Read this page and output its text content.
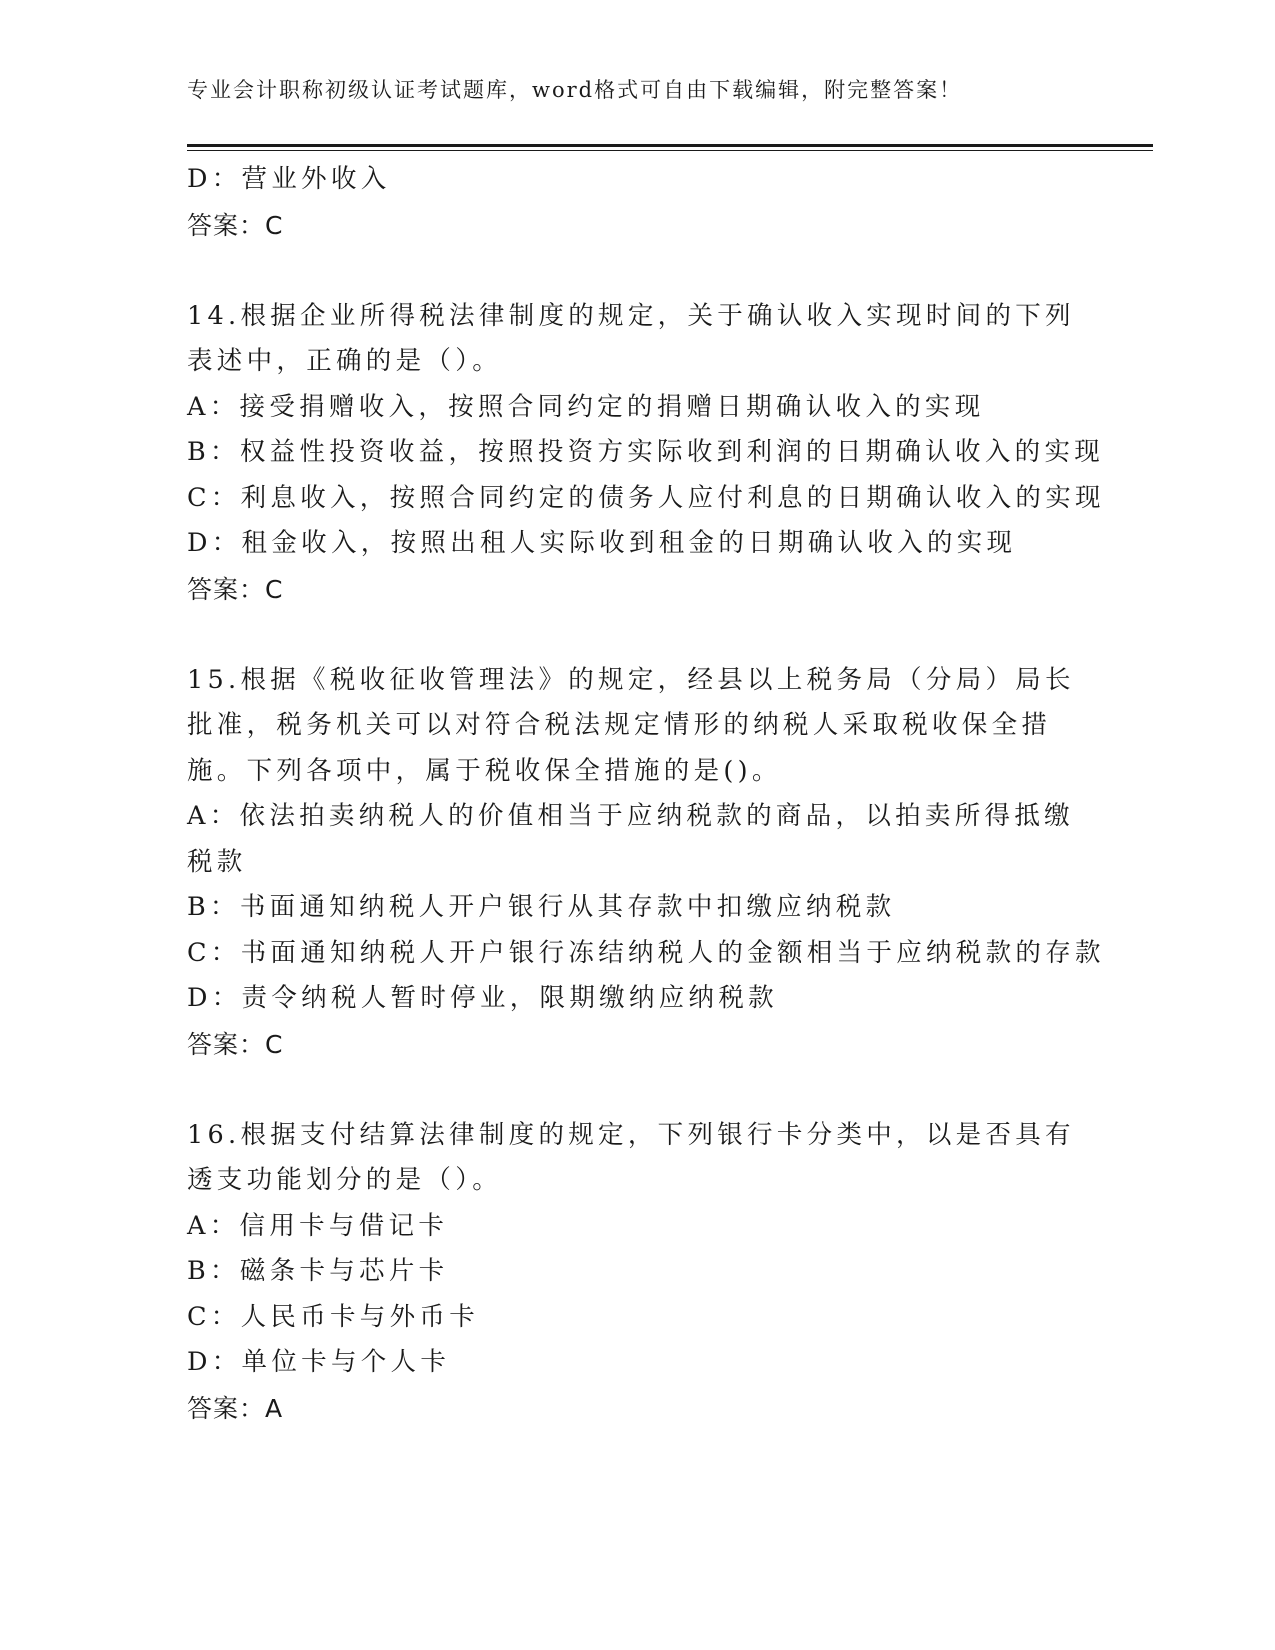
专业会计职称初级认证考试题库，word格式可自由下载编辑，附完整答案！
D：营业外收入
答案：C
14.根据企业所得税法律制度的规定，关于确认收入实现时间的下列表述中，正确的是（）。
A：接受捐赠收入，按照合同约定的捐赠日期确认收入的实现
B：权益性投资收益，按照投资方实际收到利润的日期确认收入的实现
C：利息收入，按照合同约定的债务人应付利息的日期确认收入的实现
D：租金收入，按照出租人实际收到租金的日期确认收入的实现
答案：C
15.根据《税收征收管理法》的规定，经县以上税务局（分局）局长批准，税务机关可以对符合税法规定情形的纳税人采取税收保全措施。下列各项中，属于税收保全措施的是()。
A：依法拍卖纳税人的价值相当于应纳税款的商品，以拍卖所得抵缴税款
B：书面通知纳税人开户银行从其存款中扣缴应纳税款
C：书面通知纳税人开户银行冻结纳税人的金额相当于应纳税款的存款
D：责令纳税人暂时停业，限期缴纳应纳税款
答案：C
16.根据支付结算法律制度的规定，下列银行卡分类中，以是否具有透支功能划分的是（）。
A：信用卡与借记卡
B：磁条卡与芯片卡
C：人民币卡与外币卡
D：单位卡与个人卡
答案：A
